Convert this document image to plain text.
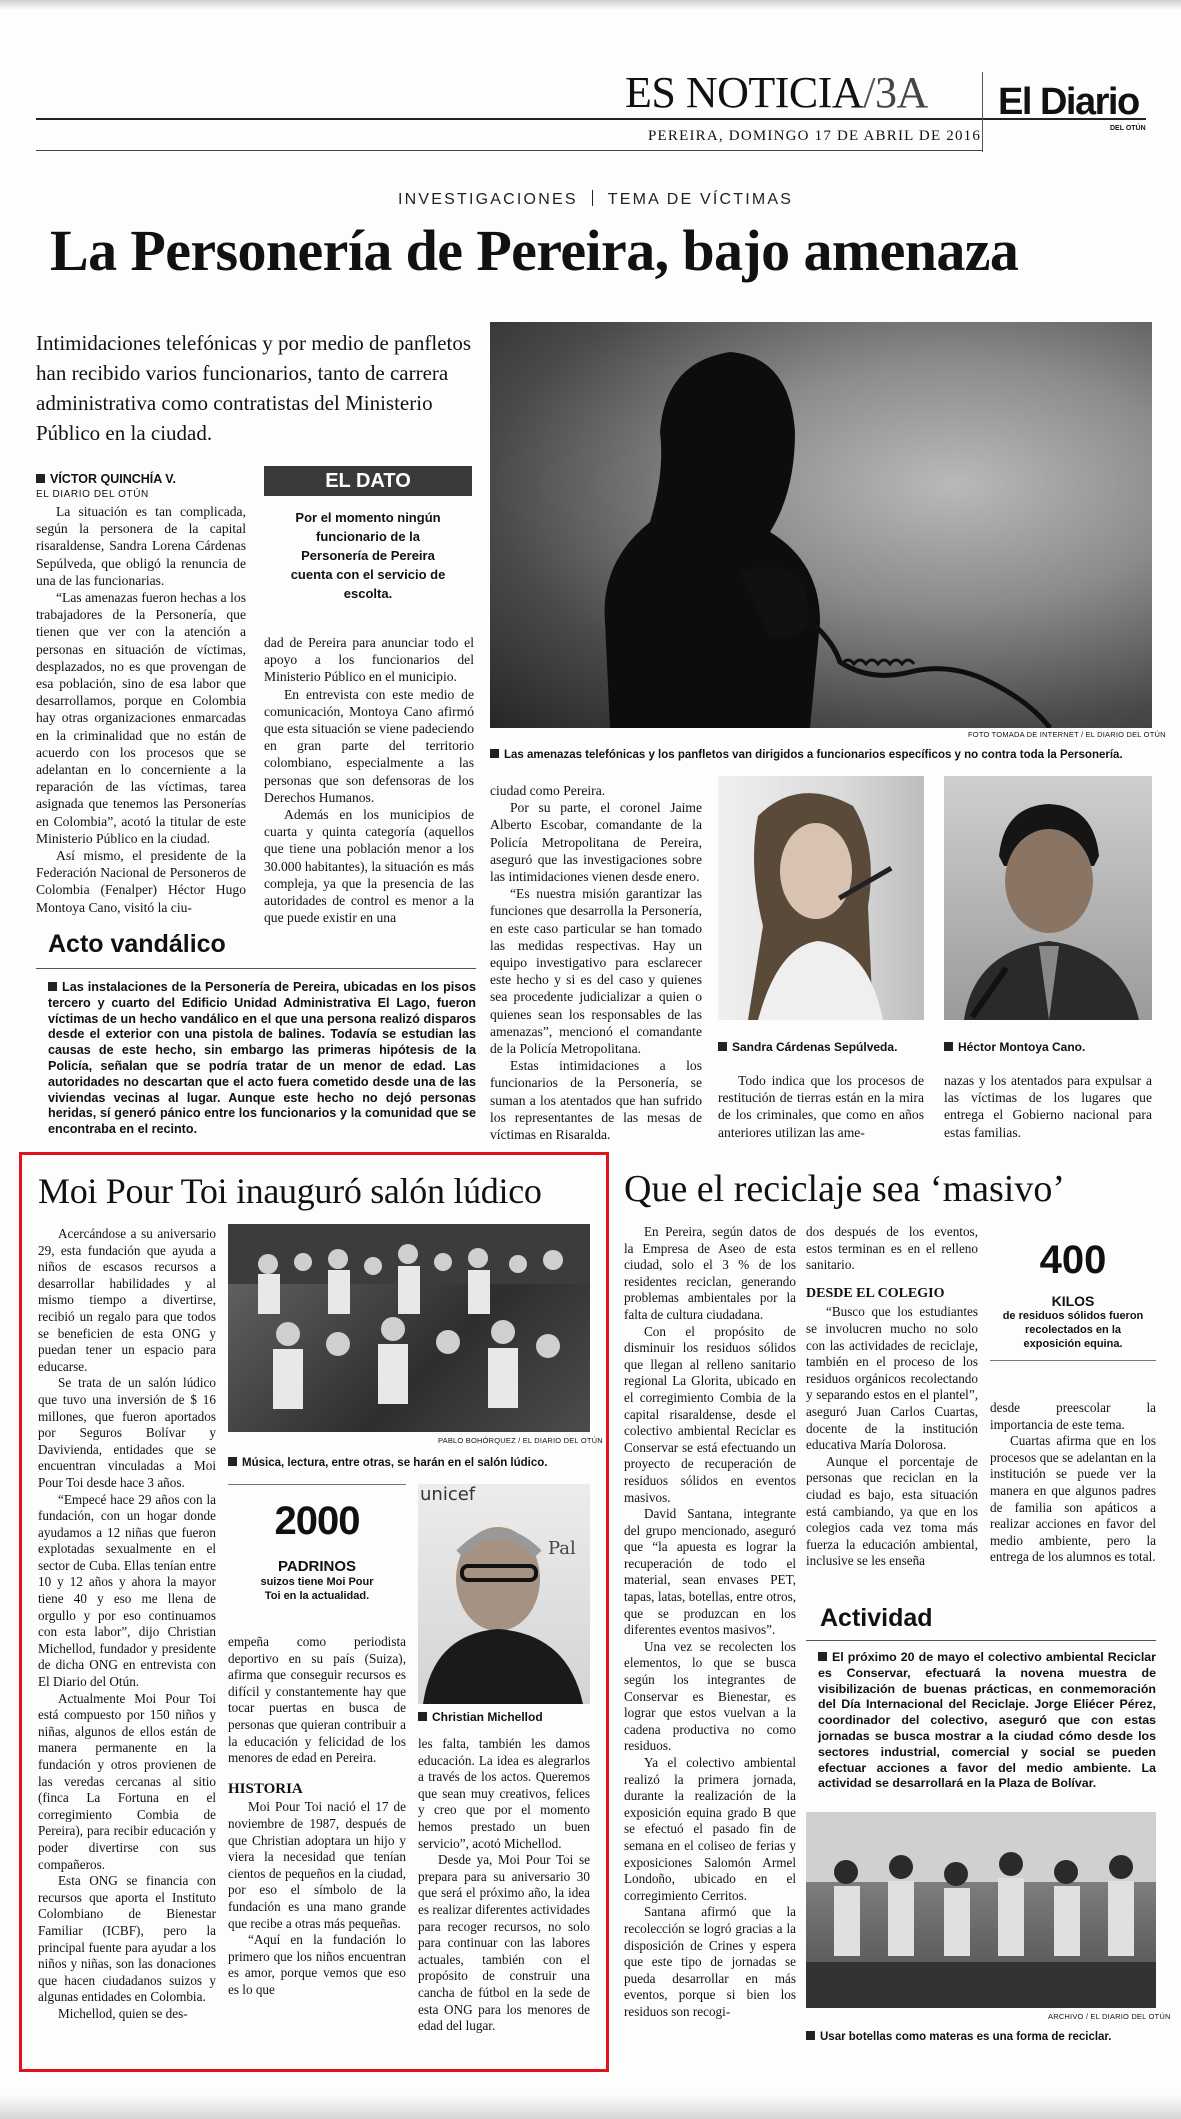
ES NOTICIA/3A
PEREIRA, DOMINGO 17 DE ABRIL DE 2016
El Diario
DEL OTÚN
INVESTIGACIONES TEMA DE VÍCTIMAS
La Personería de Pereira, bajo amenaza
Intimidaciones telefónicas y por medio de panfletos han recibido varios funcionarios, tanto de carrera administrativa como contratistas del Ministerio Público en la ciudad.
VÍCTOR QUINCHÍA V.
EL DIARIO DEL OTÚN

La situación es tan complicada, según la personera de la capital risaraldense, Sandra Lorena Cárdenas Sepúlveda, que obligó la renuncia de una de las funcionarias.

“Las amenazas fueron hechas a los trabajadores de la Personería, que tienen que ver con la atención a personas en situación de víctimas, desplazados, no es que provengan de esa población, sino de esa labor que desarrollamos, porque en Colombia hay otras organizaciones enmarcadas en la criminalidad que no están de acuerdo con los procesos que se adelantan en lo concerniente a la reparación de las víctimas, tarea asignada que tenemos las Personerías en Colombia”, acotó la titular de este Ministerio Público en la ciudad.

Así mismo, el presidente de la Federación Nacional de Personeros de Colombia (Fenalper) Héctor Hugo Montoya Cano, visitó la ciu-

EL DATO
Por el momento ningún funcionario de la Personería de Pereira cuenta con el servicio de escolta.

dad de Pereira para anunciar todo el apoyo a los funcionarios del Ministerio Público en el municipio.

En entrevista con este medio de comunicación, Montoya Cano afirmó que esta situación se viene padeciendo en gran parte del territorio colombiano, especialmente a las personas que son defensoras de los Derechos Humanos.

Además en los municipios de cuarta y quinta categoría (aquellos que tiene una población menor a los 30.000 habitantes), la situación es más compleja, ya que la presencia de las autoridades de control es menor a la que puede existir en una

FOTO TOMADA DE INTERNET / EL DIARIO DEL OTÚN
Las amenazas telefónicas y los panfletos van dirigidos a funcionarios específicos y no contra toda la Personería.

ciudad como Pereira.

Por su parte, el coronel Jaime Alberto Escobar, comandante de la Policía Metropolitana de Pereira, aseguró que las investigaciones sobre las intimidaciones vienen desde enero.

“Es nuestra misión garantizar las funciones que desarrolla la Personería, en este caso particular se han tomado las medidas respectivas. Hay un equipo investigativo para esclarecer este hecho y si es del caso y quienes sea procedente judicializar a quien o quienes sean los responsables de las amenazas”, mencionó el comandante de la Policía Metropolitana.

Estas intimidaciones a los funcionarios de la Personería, se suman a los atentados que han sufrido los representantes de las mesas de víctimas en Risaralda.

Sandra Cárdenas Sepúlveda.	Héctor Montoya Cano.

Todo indica que los procesos de restitución de tierras están en la mira de los criminales, que como en años anteriores utilizan las ame-

nazas y los atentados para expulsar a las víctimas de los lugares que entrega el Gobierno nacional para estas familias.

Acto vandálico
Las instalaciones de la Personería de Pereira, ubicadas en los pisos tercero y cuarto del Edificio Unidad Administrativa El Lago, fueron víctimas de un hecho vandálico en el que una persona realizó disparos desde el exterior con una pistola de balines. Todavía se estudian las causas de este hecho, sin embargo las primeras hipótesis de la Policía, señalan que se podría tratar de un menor de edad. Las autoridades no descartan que el acto fuera cometido desde una de las viviendas vecinas al lugar. Aunque este hecho no dejó personas heridas, sí generó pánico entre los funcionarios y la comunidad que se encontraba en el recinto.
Moi Pour Toi inauguró salón lúdico

Acercándose a su aniversario 29, esta fundación que ayuda a niños de escasos recursos a desarrollar habilidades y al mismo tiempo a divertirse, recibió un regalo para que todos se beneficien de esta ONG y puedan tener un espacio para educarse.

Se trata de un salón lúdico que tuvo una inversión de $ 16 millones, que fueron aportados por Seguros Bolívar y Davivienda, entidades que se encuentran vinculadas a Moi Pour Toi desde hace 3 años.

“Empecé hace 29 años con la fundación, con un hogar donde ayudamos a 12 niñas que fueron explotadas sexualmente en el sector de Cuba. Ellas tenían entre 10 y 12 años y ahora la mayor tiene 40 y eso me llena de orgullo y por eso continuamos con esta labor”, dijo Christian Michellod, fundador y presidente de dicha ONG en entrevista con El Diario del Otún.

Actualmente Moi Pour Toi está compuesto por 150 niños y niñas, algunos de ellos están de manera permanente en la fundación y otros provienen de las veredas cercanas al sitio (finca La Fortuna en el corregimiento Combia de Pereira), para recibir educación y poder divertirse con sus compañeros.

Esta ONG se financia con recursos que aporta el Instituto Colombiano de Bienestar Familiar (ICBF), pero la principal fuente para ayudar a los niños y niñas, son las donaciones que hacen ciudadanos suizos y algunas entidades en Colombia.

Michellod, quien se des-

PABLO BOHÓRQUEZ / EL DIARIO DEL OTÚN
Música, lectura, entre otras, se harán en el salón lúdico.
2000
PADRINOS
suizos tiene Moi Pour Toi en la actualidad.
Pal
unicef
Christian Michellod

empeña como periodista deportivo en su país (Suiza), afirma que conseguir recursos es difícil y constantemente hay que tocar puertas en busca de personas que quieran contribuir a la educación y felicidad de los menores de edad en Pereira.

HISTORIA

Moi Pour Toi nació el 17 de noviembre de 1987, después de que Christian adoptara un hijo y viera la necesidad que tenían cientos de pequeños en la ciudad, por eso el símbolo de la fundación es una mano grande que recibe a otras más pequeñas.

“Aquí en la fundación lo primero que los niños encuentran es amor, porque vemos que eso es lo que

les falta, también les damos educación. La idea es alegrarlos a través de los actos. Queremos que sean muy creativos, felices y creo que por el momento hemos prestado un buen servicio”, acotó Michellod.

Desde ya, Moi Pour Toi se prepara para su aniversario 30 que será el próximo año, la idea es realizar diferentes actividades para recoger recursos, no solo para continuar con las labores actuales, también con el propósito de construir una cancha de fútbol en la sede de esta ONG para los menores de edad del lugar.

Que el reciclaje sea ‘masivo’

En Pereira, según datos de la Empresa de Aseo de esta ciudad, solo el 3 % de los residentes reciclan, generando problemas ambientales por la falta de cultura ciudadana.

Con el propósito de disminuir los residuos sólidos que llegan al relleno sanitario regional La Glorita, ubicado en el corregimiento Combia de la capital risaraldense, desde el colectivo ambiental Reciclar es Conservar se está efectuando un proyecto de recuperación de residuos sólidos en eventos masivos.

David Santana, integrante del grupo mencionado, aseguró que “la apuesta es lograr la recuperación de todo el material, sean envases PET, tapas, latas, botellas, entre otros, que se produzcan en los diferentes eventos masivos”.

Una vez se recolecten los elementos, lo que se busca según los integrantes de Conservar es Bienestar, es lograr que estos vuelvan a la cadena productiva no como residuos.

Ya el colectivo ambiental realizó la primera jornada, durante la realización de la exposición equina grado B que se efectuó el pasado fin de semana en el coliseo de ferias y exposiciones Salomón Armel Londoño, ubicado en el corregimiento Cerritos.

Santana afirmó que la recolección se logró gracias a la disposición de Crines y espera que este tipo de jornadas se pueda desarrollar en más eventos, porque si bien los residuos son recogi-

dos después de los eventos, estos terminan es en el relleno sanitario.

DESDE EL COLEGIO

“Busco que los estudiantes se involucren mucho no solo con las actividades de reciclaje, también en el proceso de los residuos orgánicos recolectando y separando estos en el plantel”, aseguró Juan Carlos Cuartas, docente de la institución educativa María Dolorosa.

Aunque el porcentaje de personas que reciclan en la ciudad es bajo, esta situación está cambiando, ya que en los colegios cada vez toma más fuerza la educación ambiental, inclusive se les enseña

400
KILOS
de residuos sólidos fueron recolectados en la exposición equina.

desde preescolar la importancia de este tema.

Cuartas afirma que en los procesos que se adelantan en la institución se puede ver la manera en que algunos padres de familia son apáticos a realizar acciones en favor del medio ambiente, pero la entrega de los alumnos es total.

Actividad
El próximo 20 de mayo el colectivo ambiental Reciclar es Conservar, efectuará la novena muestra de visibilización de buenas prácticas, en conmemoración del Día Internacional del Reciclaje. Jorge Eliécer Pérez, coordinador del colectivo, aseguró que con estas jornadas se busca mostrar a la ciudad cómo desde los sectores industrial, comercial y social se pueden efectuar acciones a favor del medio ambiente. La actividad se desarrollará en la Plaza de Bolívar.
ARCHIVO / EL DIARIO DEL OTÚN
Usar botellas como materas es una forma de reciclar.
